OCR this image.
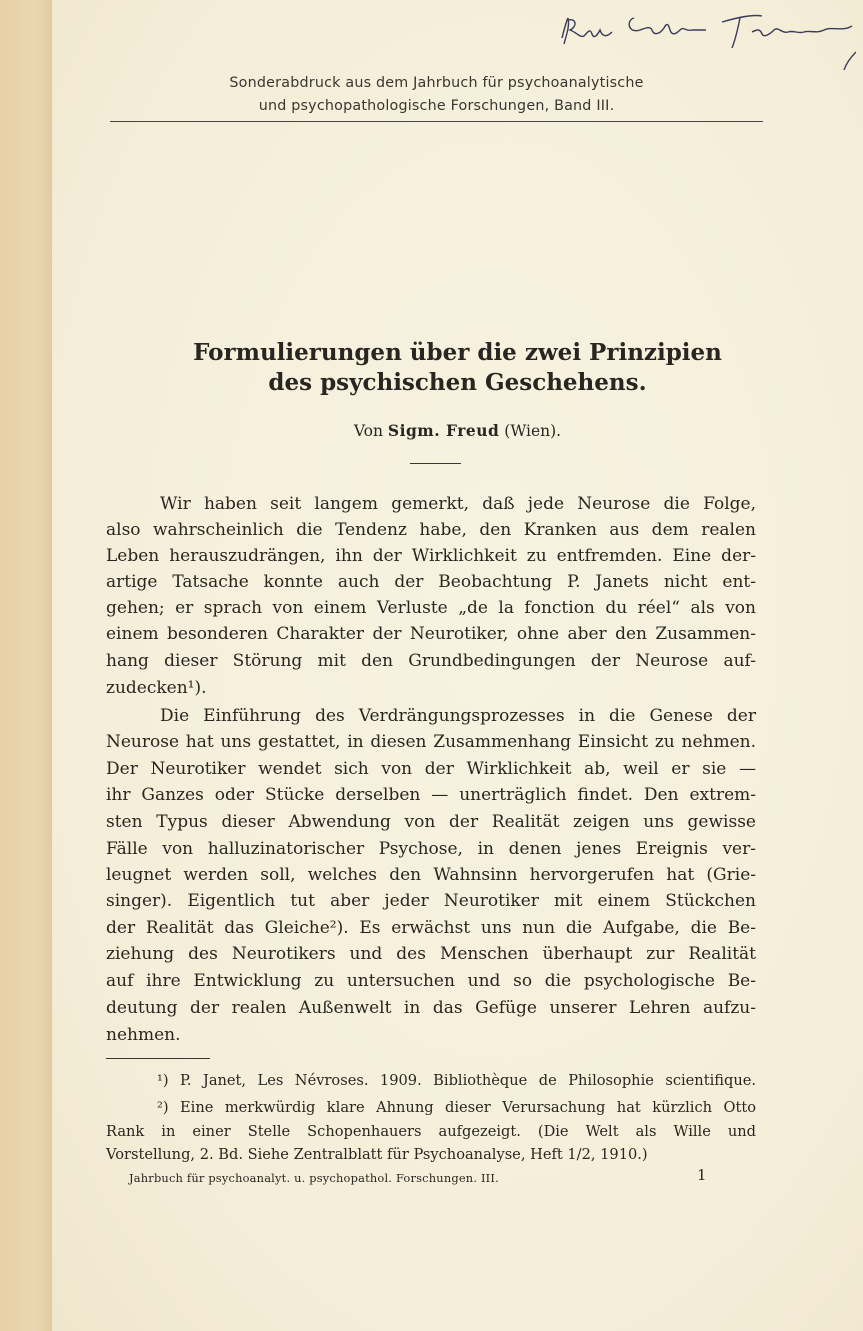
Sonderabdruck aus dem Jahrbuch für psychoanalytische
und psychopathologische Forschungen, Band III.
Formulierungen über die zwei Prinzipien
des psychischen Geschehens.
Von Sigm. Freud (Wien).
Wir haben seit langem gemerkt, daß jede Neurose die Folge,
also wahrscheinlich die Tendenz habe, den Kranken aus dem realen
Leben herauszudrängen, ihn der Wirklichkeit zu entfremden. Eine der-
artige Tatsache konnte auch der Beobachtung P. Janets nicht ent-
gehen; er sprach von einem Verluste „de la fonction du réel“ als von
einem besonderen Charakter der Neurotiker, ohne aber den Zusammen-
hang dieser Störung mit den Grundbedingungen der Neurose auf-
zudecken¹).
Die Einführung des Verdrängungsprozesses in die Genese der
Neurose hat uns gestattet, in diesen Zusammenhang Einsicht zu nehmen.
Der Neurotiker wendet sich von der Wirklichkeit ab, weil er sie —
ihr Ganzes oder Stücke derselben — unerträglich findet. Den extrem-
sten Typus dieser Abwendung von der Realität zeigen uns gewisse
Fälle von halluzinatorischer Psychose, in denen jenes Ereignis ver-
leugnet werden soll, welches den Wahnsinn hervorgerufen hat (Grie-
singer). Eigentlich tut aber jeder Neurotiker mit einem Stückchen
der Realität das Gleiche²). Es erwächst uns nun die Aufgabe, die Be-
ziehung des Neurotikers und des Menschen überhaupt zur Realität
auf ihre Entwicklung zu untersuchen und so die psychologische Be-
deutung der realen Außenwelt in das Gefüge unserer Lehren aufzu-
nehmen.
¹) P. Janet, Les Névroses. 1909. Bibliothèque de Philosophie scientifique.
²) Eine merkwürdig klare Ahnung dieser Verursachung hat kürzlich Otto
Rank in einer Stelle Schopenhauers aufgezeigt. (Die Welt als Wille und
Vorstellung, 2. Bd. Siehe Zentralblatt für Psychoanalyse, Heft 1/2, 1910.)
Jahrbuch für psychoanalyt. u. psychopathol. Forschungen. III.	1
